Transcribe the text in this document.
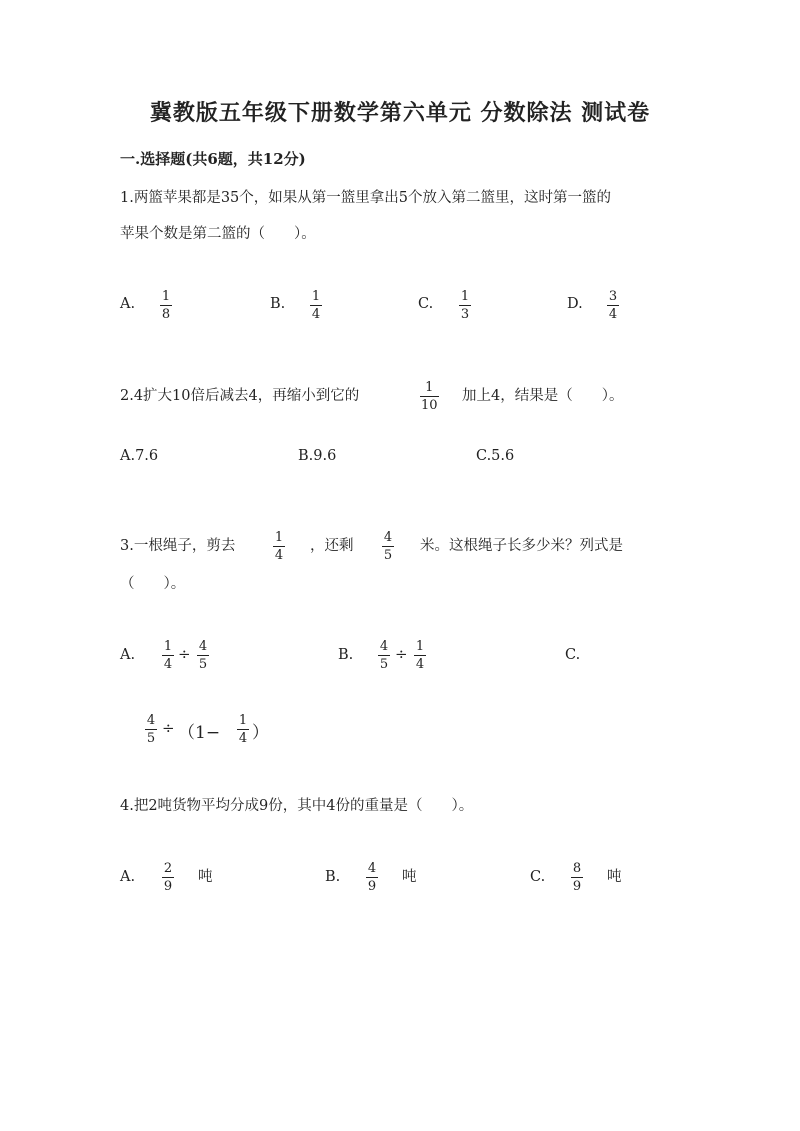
冀教版五年级下册数学第六单元 分数除法 测试卷
一.选择题(共6题，共12分)
1.两篮苹果都是35个，如果从第一篮里拿出5个放入第二篮里，这时第一篮的
苹果个数是第二篮的（　　）。
A. 1
8
B. 1
4
C. 1
3
D. 3
4
2.4扩大10倍后减去4，再缩小到它的
1
10
加上4，结果是（　　）。
A.7.6	B.9.6	C.5.6
3.一根绳子，剪去
1
4
，还剩
4
5
米。这根绳子长多少米？列式是
（　　）。
A.
1
4
÷ 4
5
B.
4
5
÷ 1
4
C.
4
5
÷ （1−
1
4 ）
4.把2吨货物平均分成9份，其中4份的重量是（　　）。
A.
2
9
吨	B.
4
9
吨	C.
8
9
吨
